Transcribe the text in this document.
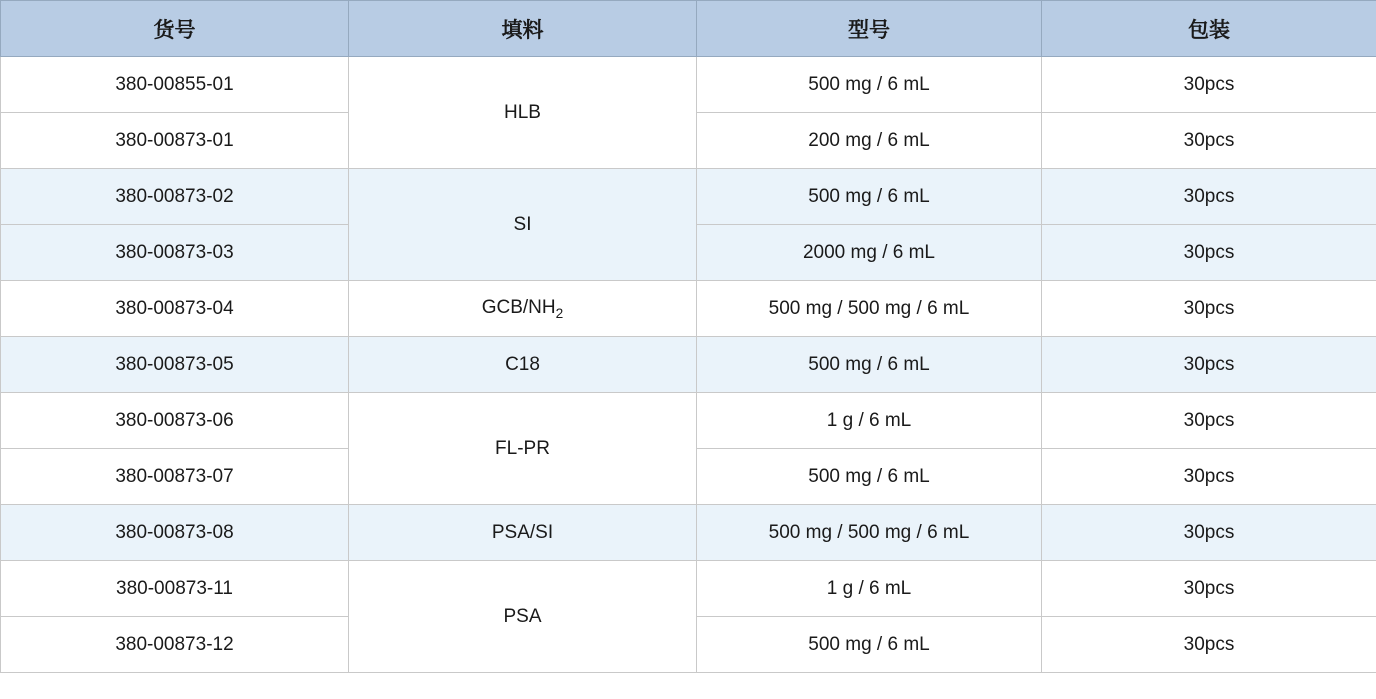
货号	填料	型号	包装
380-00855-01	HLB	500 mg / 6 mL	30pcs
380-00873-01		200 mg / 6 mL	30pcs
380-00873-02	SI	500 mg / 6 mL	30pcs
380-00873-03		2000 mg / 6 mL	30pcs
380-00873-04	GCB/$NH_2$	500 mg / 500 mg / 6 mL	30pcs
380-00873-05	C18	500 mg / 6 mL	30pcs
380-00873-06	FL-PR	1 g / 6 mL	30pcs
380-00873-07		500 mg / 6 mL	30pcs
380-00873-08	PSA/SI	500 mg / 500 mg / 6 mL	30pcs
380-00873-11	PSA	1 g / 6 mL	30pcs
380-00873-12		500 mg / 6 mL	30pcs
